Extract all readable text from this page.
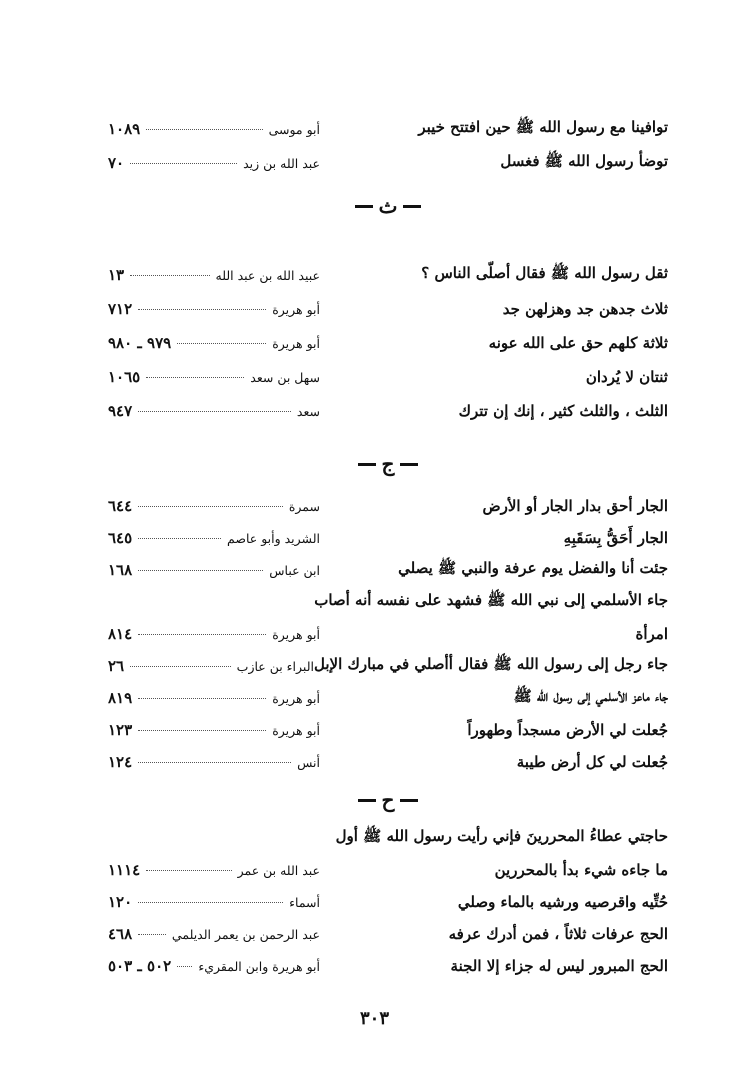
توافينا مع رسول الله ﷺ حين افتتح خيبر
أبو موسى
١٠٨٩
توضأ رسول الله ﷺ فغسل
عبد الله بن زيد
٧٠
ث
ثقل رسول الله ﷺ فقال أصلّى الناس ؟
عبيد الله بن عبد الله
١٣
ثلاث جدهن جد وهزلهن جد
أبو هريرة
٧١٢
ثلاثة كلهم حق على الله عونه
أبو هريرة
٩٧٩ ـ ٩٨٠
ثنتان لا يُردان
سهل بن سعد
١٠٦٥
الثلث ، والثلث كثير ، إنك إن تترك
سعد
٩٤٧
ج
الجار أحق بدار الجار أو الأرض
سمرة
٦٤٤
الجار أَحَقُّ بِسَقَبِهِ
الشريد وأبو عاصم
٦٤٥
جئت أنا والفضل يوم عرفة والنبي ﷺ يصلي
ابن عباس
١٦٨
جاء الأسلمي إلى نبي الله ﷺ فشهد على نفسه أنه أصاب
امرأة
أبو هريرة
٨١٤
جاء رجل إلى رسول الله ﷺ فقال أأصلي في مبارك الإبل
البراء بن عازب
٢٦
جاء ماعز الأسلمي إلى رسول الله ﷺ
أبو هريرة
٨١٩
جُعلت لي الأرض مسجداً وطهوراً
أبو هريرة
١٢٣
جُعلت لي كل أرض طيبة
أنس
١٢٤
ح
حاجتي عطاءُ المحررينَ فإني رأيت رسول الله ﷺ أول
ما جاءه شيء بدأ بالمحررين
عبد الله بن عمر
١١١٤
حُتِّيه واقرصيه ورشيه بالماء وصلي
أسماء
١٢٠
الحج عرفات ثلاثاً ، فمن أدرك عرفه
عبد الرحمن بن يعمر الديلمي
٤٦٨
الحج المبرور ليس له جزاء إلا الجنة
أبو هريرة وابن المقريء
٥٠٢ ـ ٥٠٣
٣٠٣
